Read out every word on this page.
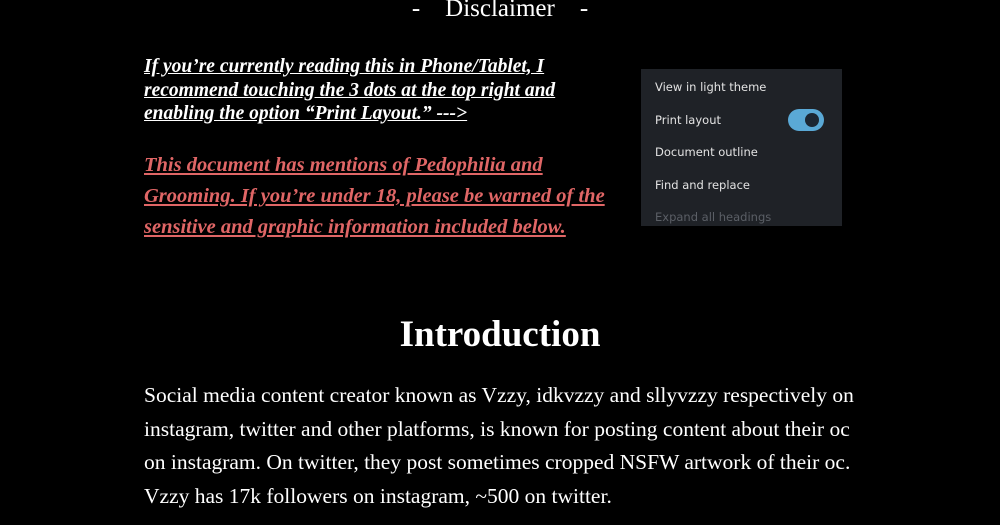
-    Disclaimer    -
If you’re currently reading this in Phone/Tablet, I recommend touching the 3 dots at the top right and enabling the option “Print Layout.” --->
This document has mentions of Pedophilia and Grooming. If you’re under 18, please be warned of the sensitive and graphic information included below.
View in light theme
Print layout
Document outline
Find and replace
Expand all headings
Introduction
Social media content creator known as Vzzy, idkvzzy and sllyvzzy respectively on instagram, twitter and other platforms, is known for posting content about their oc on instagram. On twitter, they post sometimes cropped NSFW artwork of their oc. Vzzy has 17k followers on instagram, ~500 on twitter.
